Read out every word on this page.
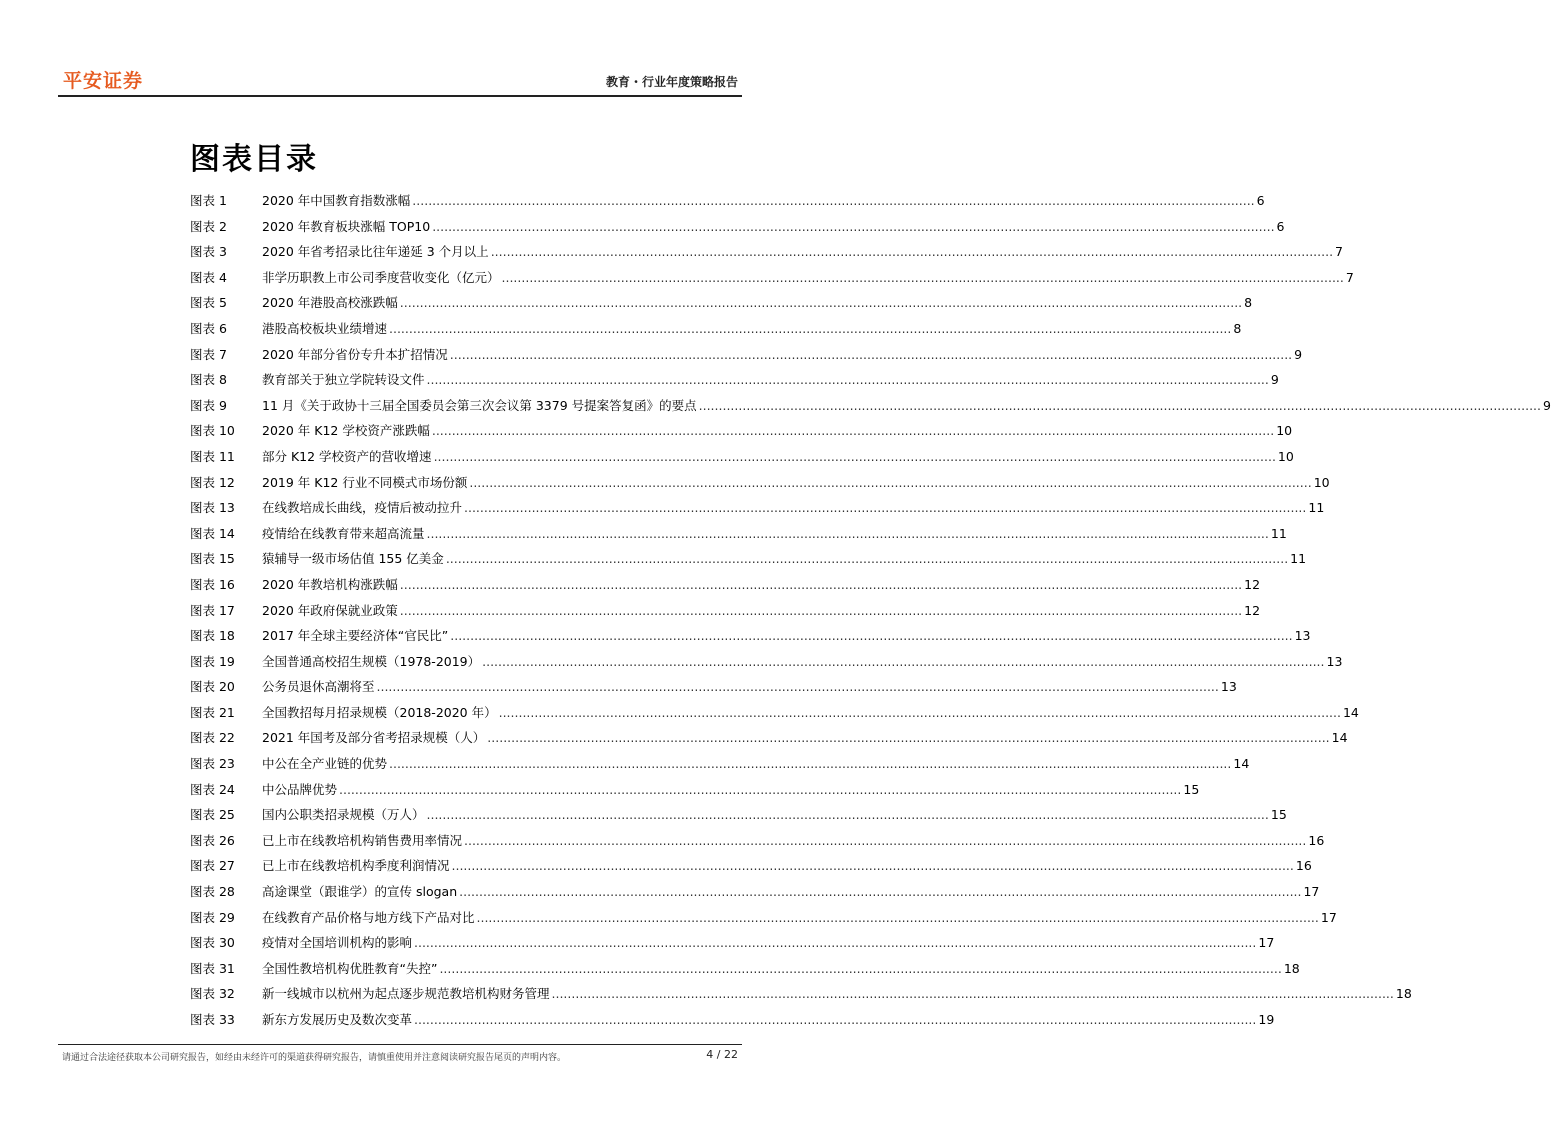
平安证券	教育・行业年度策略报告
图表目录
图表 1	2020 年中国教育指数涨幅 .....	6
图表 2	2020 年教育板块涨幅 TOP10 .....	6
图表 3	2020 年省考招录比往年递延 3 个月以上 .....	7
图表 4	非学历职教上市公司季度营收变化（亿元） .....	7
图表 5	2020 年港股高校涨跌幅 .....	8
图表 6	港股高校板块业绩增速 .....	8
图表 7	2020 年部分省份专升本扩招情况 .....	9
图表 8	教育部关于独立学院转设文件 .....	9
图表 9	11 月《关于政协十三届全国委员会第三次会议第 3379 号提案答复函》的要点 .....	9
图表 10	2020 年 K12 学校资产涨跌幅 .....	10
图表 11	部分 K12 学校资产的营收增速 .....	10
图表 12	2019 年 K12 行业不同模式市场份额 .....	10
图表 13	在线教培成长曲线，疫情后被动拉升 .....	11
图表 14	疫情给在线教育带来超高流量 .....	11
图表 15	猿辅导一级市场估值 155 亿美金 .....	11
图表 16	2020 年教培机构涨跌幅 .....	12
图表 17	2020 年政府保就业政策 .....	12
图表 18	2017 年全球主要经济体“官民比” .....	13
图表 19	全国普通高校招生规模（1978-2019） .....	13
图表 20	公务员退休高潮将至 .....	13
图表 21	全国教招每月招录规模（2018-2020 年） .....	14
图表 22	2021 年国考及部分省考招录规模（人） .....	14
图表 23	中公在全产业链的优势 .....	14
图表 24	中公品牌优势 .....	15
图表 25	国内公职类招录规模（万人） .....	15
图表 26	已上市在线教培机构销售费用率情况 .....	16
图表 27	已上市在线教培机构季度利润情况 .....	16
图表 28	高途课堂（跟谁学）的宣传 slogan .....	17
图表 29	在线教育产品价格与地方线下产品对比 .....	17
图表 30	疫情对全国培训机构的影响 .....	17
图表 31	全国性教培机构优胜教育“失控” .....	18
图表 32	新一线城市以杭州为起点逐步规范教培机构财务管理 .....	18
图表 33	新东方发展历史及数次变革 .....	19
请通过合法途径获取本公司研究报告，如经由未经许可的渠道获得研究报告，请慎重使用并注意阅读研究报告尾页的声明内容。	4 / 22
